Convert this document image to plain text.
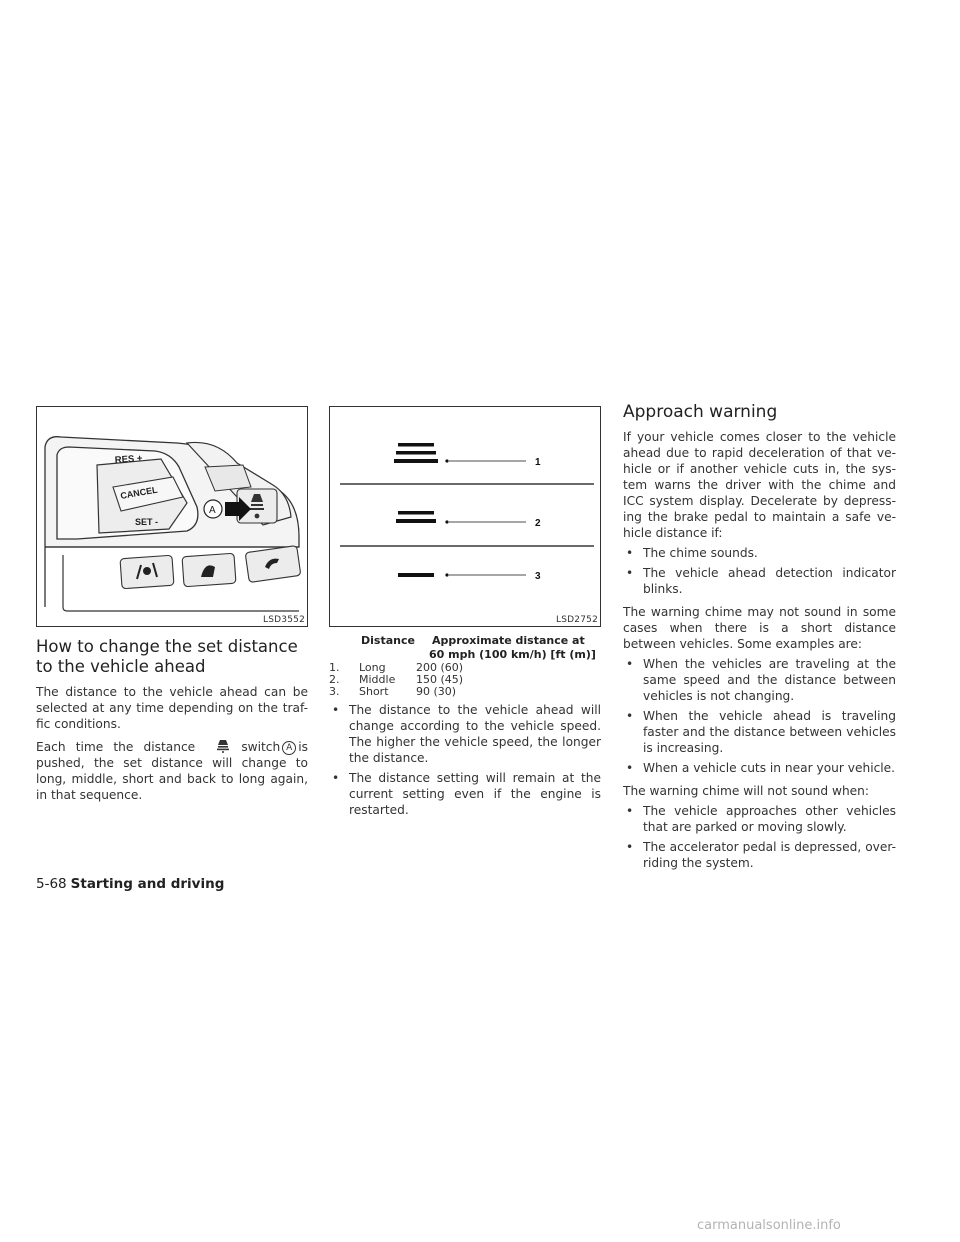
RES +
CANCEL
SET -
A
LSD3552
How to change the set distance
to the vehicle ahead

The distance to the vehicle ahead can be selected at any time depending on the traf-fic conditions.

Each time the distance	switch A is pushed, the set distance will change to long, middle, short and back to long again, in that sequence.

1
2
3
LSD2752
Distance Approximate distance at
60 mph (100 km/h) [ft (m)]
1. Long	200 (60)
2. Middle 150 (45)
3. Short 90 (30)
• The distance to the vehicle ahead will change according to the vehicle speed. The higher the vehicle speed, the longer the distance.
• The distance setting will remain at the current setting even if the engine is restarted.
Approach warning

If your vehicle comes closer to the vehicle ahead due to rapid deceleration of that ve-hicle or if another vehicle cuts in, the sys-tem warns the driver with the chime and ICC system display. Decelerate by depress-ing the brake pedal to maintain a safe ve-hicle distance if:

• The chime sounds.
• The vehicle ahead detection indicator blinks.

The warning chime may not sound in some cases when there is a short distance between vehicles. Some examples are:

• When the vehicles are traveling at the same speed and the distance between vehicles is not changing.
• When the vehicle ahead is traveling faster and the distance between vehicles is increasing.
• When a vehicle cuts in near your vehicle.

The warning chime will not sound when:

• The vehicle approaches other vehicles that are parked or moving slowly.
• The accelerator pedal is depressed, over-riding the system.
5-68 Starting and driving
carmanualsonline.info
